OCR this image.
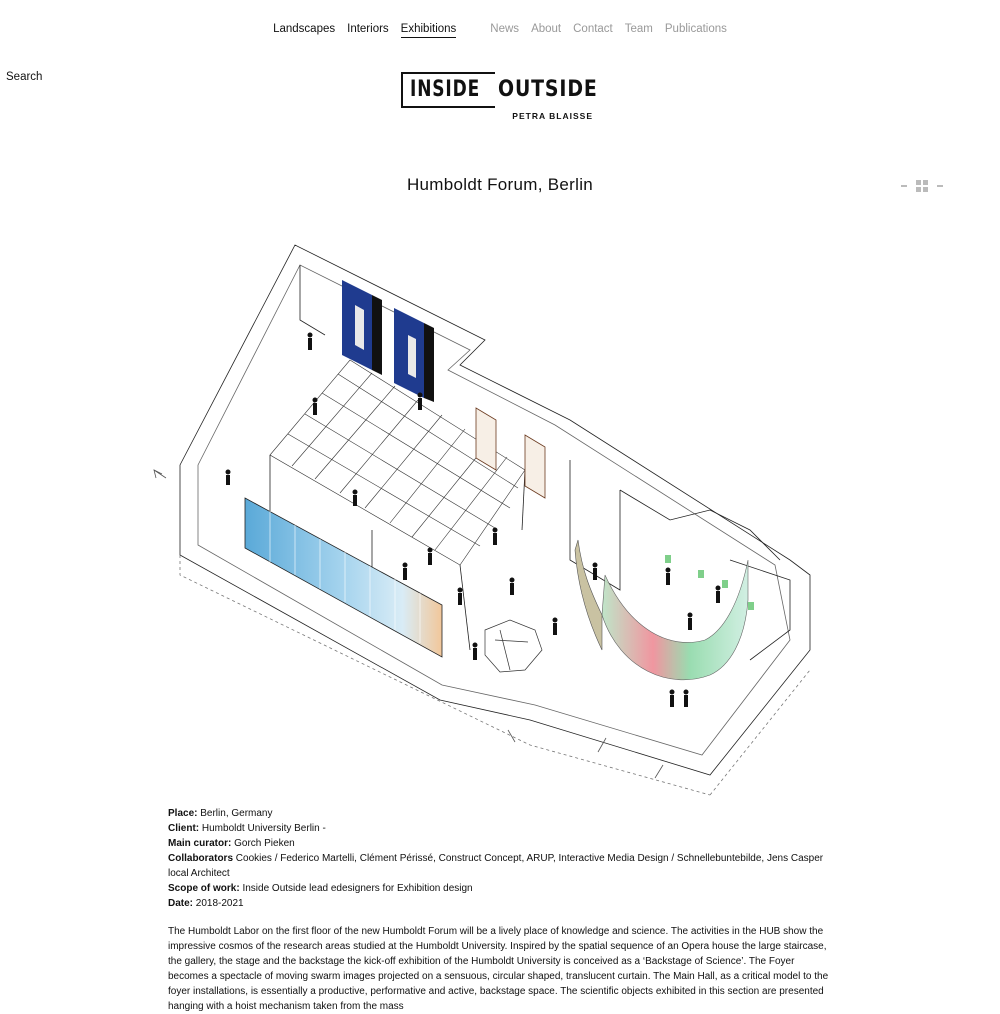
Landscapes Interiors Exhibitions	News About Contact Team Publications
Search	INSIDE OUTSIDE
PETRA BLAISSE
Humboldt Forum, Berlin

Place: Berlin, Germany

Client: Humboldt University Berlin -

Main curator: Gorch Pieken

Collaborators Cookies / Federico Martelli, Clément Périssé, Construct Concept, ARUP, Interactive Media Design / Schnellebuntebilde, Jens Casper local Architect

Scope of work: Inside Outside lead edesigners for Exhibition design

Date: 2018-2021

The Humboldt Labor on the first floor of the new Humboldt Forum will be a lively place of knowledge and science. The activities in the HUB show the impressive cosmos of the research areas studied at the Humboldt University. Inspired by the spatial sequence of an Opera house the large staircase, the gallery, the stage and the backstage the kick-off exhibition of the Humboldt University is conceived as a ‘Backstage of Science’. The Foyer becomes a spectacle of moving swarm images projected on a sensuous, circular shaped, translucent curtain. The Main Hall, as a critical model to the foyer installations, is essentially a productive, performative and active, backstage space. The scientific objects exhibited in this section are presented hanging with a hoist mechanism taken from the mass
